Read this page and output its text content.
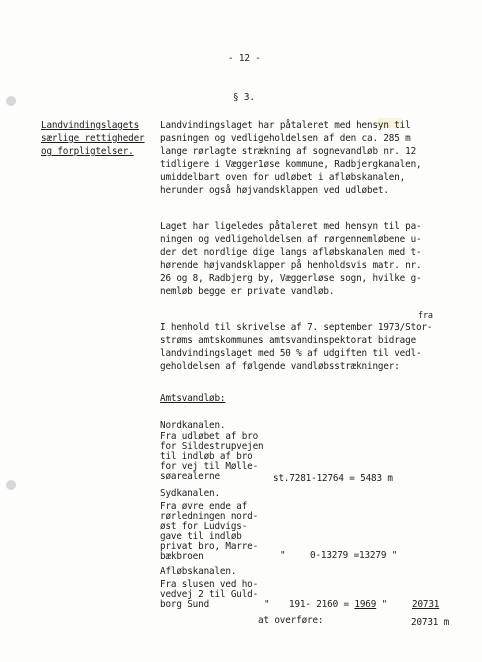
- 12 -
§ 3.
Landvindingslagets
særlige rettigheder
og forpligtelser.
Landvindingslaget har påtaleret med hensyn til
pasningen og vedligeholdelsen af den ca. 285 m
lange rørlagte strækning af sognevandløb nr. 12
tidligere i Vægger1øse kommune, Radbjergkanalen,
umiddelbart oven for udløbet i afløbskanalen,
herunder også højvandsklappen ved udløbet.
Laget har ligeledes påtaleret med hensyn til pa-
ningen og vedligeholdelsen af rørgennemløbene u-
der det nordlige dige langs afløbskanalen med t-
hørende højvandsklapper på henholdsvis matr. nr.
26 og 8, Radbjerg by, Væggerløse sogn, hvilke g-
nemløb begge er private vandløb.
fra
I henhold til skrivelse af 7. september 1973/Stor-
strøms amtskommunes amtsvandinspektorat bidrage
landvindingslaget med 50 % af udgiften til vedl-
geholdelsen af følgende vandløbsstrækninger:
Amtsvandløb:
Nordkanalen.
Fra udløbet af bro
for Sildestrupvejen
til indløb af bro
for vej til Mølle-
søarealerne	st.7281-12764 = 5483 m
Sydkanalen.
Fra øvre ende af
rørledningen nord-
øst for Ludvigs-
gave til indløb
privat bro, Marre-
bækbroen	"	0-13279 =13279 "
Afløbskanalen.
Fra slusen ved ho-
vedvej 2 til Guld-
borg Sund	" 191- 2160 = 1969 "	20731
at overføre:	20731 m
